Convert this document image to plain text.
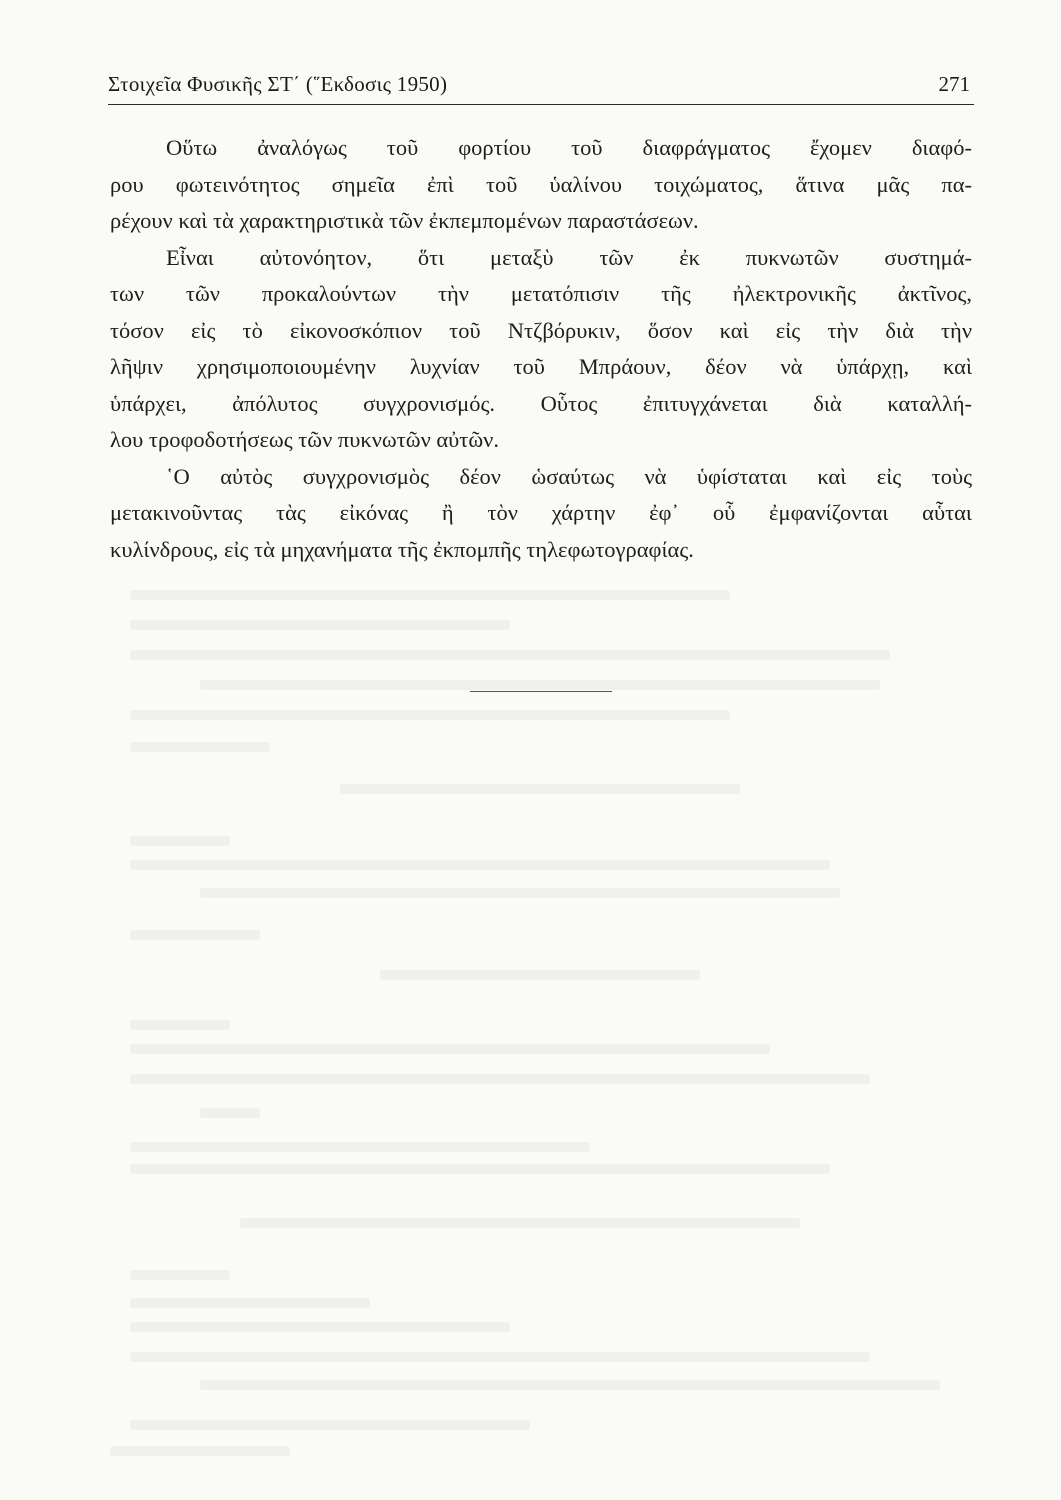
Στοιχεῖα Φυσικῆς ΣΤ΄ (῞Εκδοσις 1950)	271
Οὕτω ἀναλόγως τοῦ φορτίου τοῦ διαφράγματος ἔχομεν διαφό-
ρου φωτεινότητος σημεῖα ἐπὶ τοῦ ὑαλίνου τοιχώματος, ἅτινα μᾶς πα-
ρέχουν καὶ τὰ χαρακτηριστικὰ τῶν ἐκπεμπομένων παραστάσεων.
Εἶναι αὐτονόητον, ὅτι μεταξὺ τῶν ἐκ πυκνωτῶν συστημά-
των τῶν προκαλούντων τὴν μετατόπισιν τῆς ἠλεκτρονικῆς ἀκτῖνος,
τόσον εἰς τὸ εἰκονοσκόπιον τοῦ Ντζβόρυκιν, ὅσον καὶ εἰς τὴν διὰ τὴν
λῆψιν χρησιμοποιουμένην λυχνίαν τοῦ Μπράουν, δέον νὰ ὑπάρχῃ, καὶ
ὑπάρχει, ἀπόλυτος συγχρονισμός. Οὗτος ἐπιτυγχάνεται διὰ καταλλή-
λου τροφοδοτήσεως τῶν πυκνωτῶν αὐτῶν.
῾Ο αὐτὸς συγχρονισμὸς δέον ὡσαύτως νὰ ὑφίσταται καὶ εἰς τοὺς
μετακινοῦντας τὰς εἰκόνας ἢ τὸν χάρτην ἐφ᾿ οὗ ἐμφανίζονται αὗται
κυλίνδρους, εἰς τὰ μηχανήματα τῆς ἐκπομπῆς τηλεφωτογραφίας.
